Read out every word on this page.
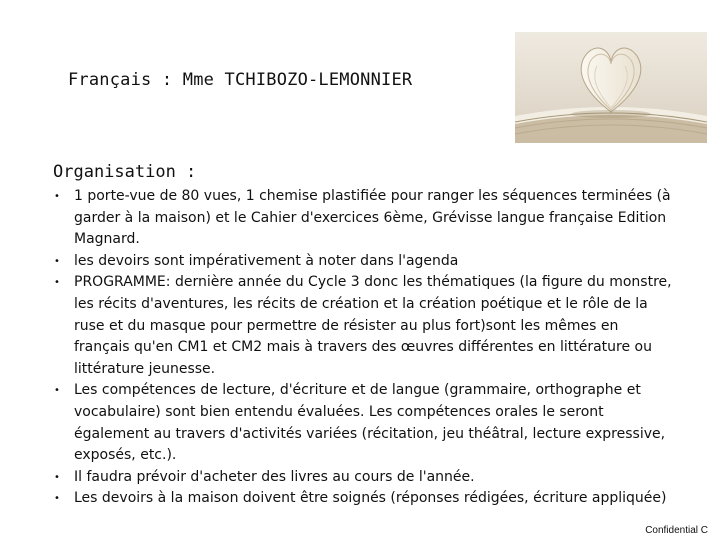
Français : Mme TCHIBOZO-LEMONNIER
Organisation :
• 1 porte-vue de 80 vues, 1 chemise plastifiée pour ranger les séquences terminées (à garder à la maison) et le Cahier d'exercices 6ème, Grévisse langue française Edition Magnard.
• les devoirs sont impérativement à noter dans l'agenda
• PROGRAMME: dernière année du Cycle 3 donc les thématiques (la figure du monstre, les récits d'aventures, les récits de création et la création poétique et le rôle de la ruse et du masque pour permettre de résister au plus fort)sont les mêmes en français qu'en CM1 et CM2 mais à travers des œuvres différentes en littérature ou littérature jeunesse.
• Les compétences de lecture, d'écriture et de langue (grammaire, orthographe et vocabulaire) sont bien entendu évaluées. Les compétences orales le seront également au travers d'activités variées (récitation, jeu théâtral, lecture expressive, exposés, etc.).
• Il faudra prévoir d'acheter des livres au cours de l'année.
• Les devoirs à la maison doivent être soignés (réponses rédigées, écriture appliquée)
Confidential C
